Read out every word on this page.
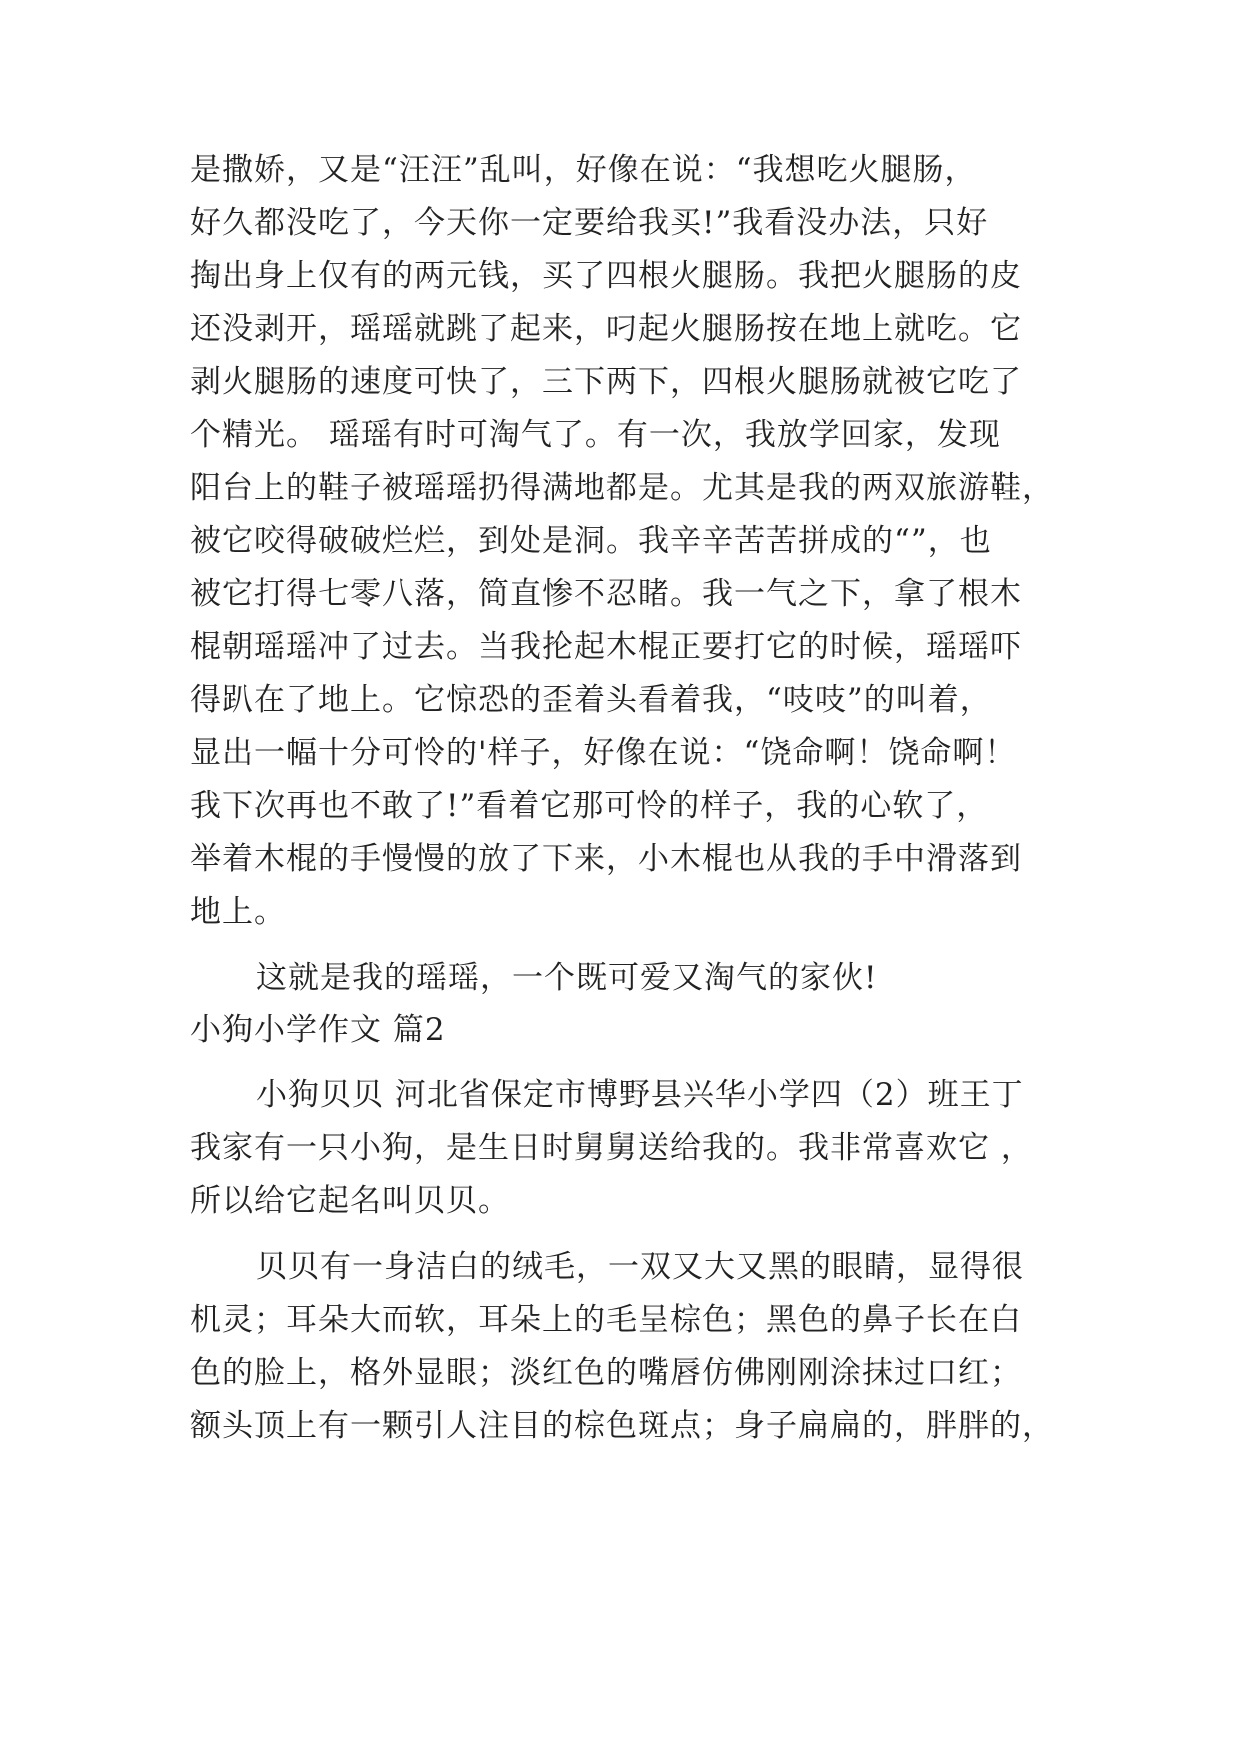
是撒娇，又是“汪汪”乱叫，好像在说：“我想吃火腿肠，
好久都没吃了，今天你一定要给我买!”我看没办法，只好
掏出身上仅有的两元钱，买了四根火腿肠。我把火腿肠的皮
还没剥开，瑶瑶就跳了起来，叼起火腿肠按在地上就吃。它
剥火腿肠的速度可快了，三下两下，四根火腿肠就被它吃了
个精光。 瑶瑶有时可淘气了。有一次，我放学回家，发现
阳台上的鞋子被瑶瑶扔得满地都是。尤其是我的两双旅游鞋，
被它咬得破破烂烂，到处是洞。我辛辛苦苦拼成的“”，也
被它打得七零八落，简直惨不忍睹。我一气之下，拿了根木
棍朝瑶瑶冲了过去。当我抡起木棍正要打它的时候，瑶瑶吓
得趴在了地上。它惊恐的歪着头看着我，“吱吱”的叫着，
显出一幅十分可怜的'样子，好像在说：“饶命啊！饶命啊！
我下次再也不敢了!”看着它那可怜的样子，我的心软了，
举着木棍的手慢慢的放了下来，小木棍也从我的手中滑落到
地上。
这就是我的瑶瑶，一个既可爱又淘气的家伙!
小狗小学作文 篇2
小狗贝贝 河北省保定市博野县兴华小学四（2）班王丁
我家有一只小狗，是生日时舅舅送给我的。我非常喜欢它 ，
所以给它起名叫贝贝。
贝贝有一身洁白的绒毛，一双又大又黑的眼睛，显得很
机灵；耳朵大而软，耳朵上的毛呈棕色；黑色的鼻子长在白
色的脸上，格外显眼；淡红色的嘴唇仿佛刚刚涂抹过口红；
额头顶上有一颗引人注目的棕色斑点；身子扁扁的，胖胖的，
